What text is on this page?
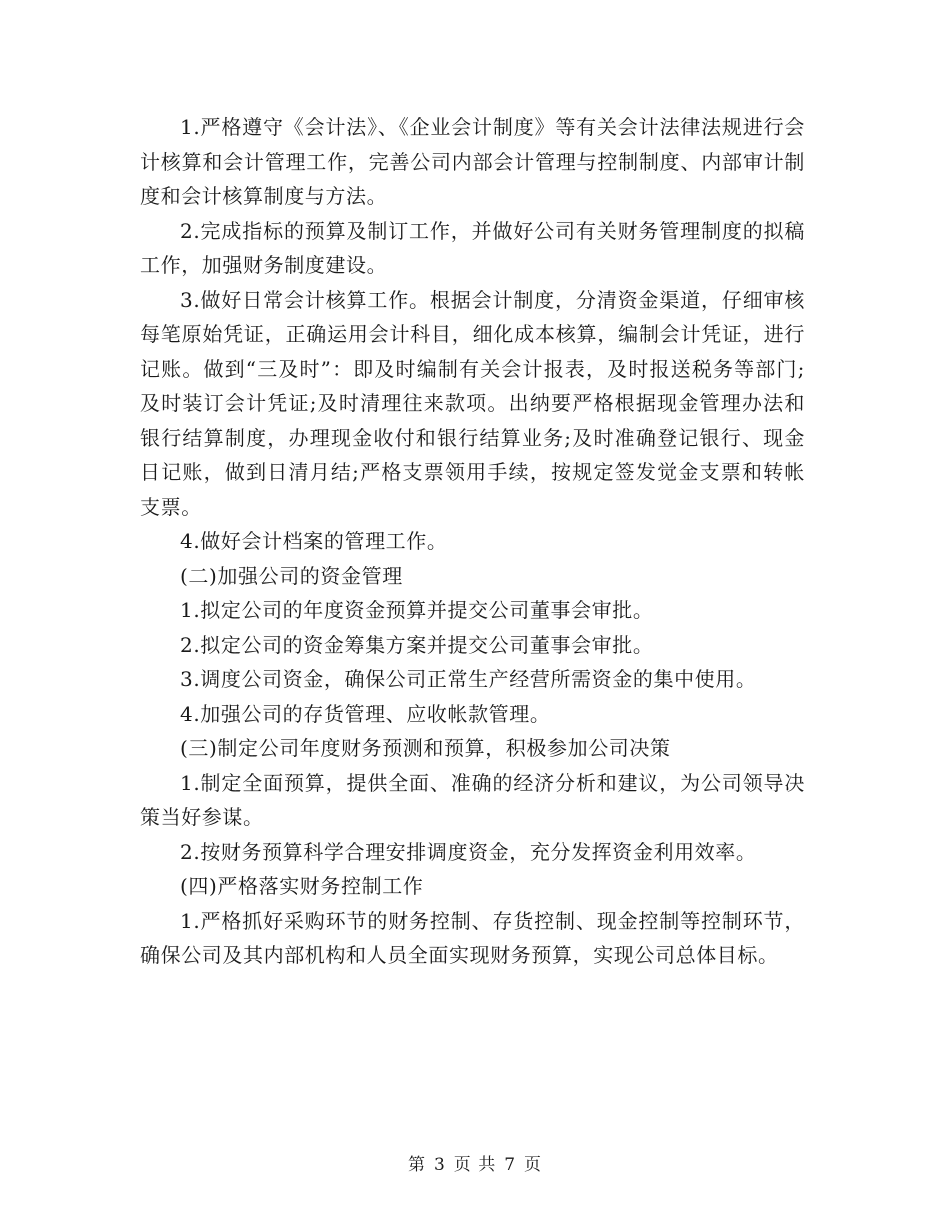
1.严格遵守《会计法》、《企业会计制度》等有关会计法律法规进行会计核算和会计管理工作，完善公司内部会计管理与控制制度、内部审计制度和会计核算制度与方法。

2.完成指标的预算及制订工作，并做好公司有关财务管理制度的拟稿工作，加强财务制度建设。

3.做好日常会计核算工作。根据会计制度，分清资金渠道，仔细审核每笔原始凭证，正确运用会计科目，细化成本核算，编制会计凭证，进行记账。做到“三及时”：即及时编制有关会计报表，及时报送税务等部门;及时装订会计凭证;及时清理往来款项。出纳要严格根据现金管理办法和银行结算制度，办理现金收付和银行结算业务;及时准确登记银行、现金日记账，做到日清月结;严格支票领用手续，按规定签发觉金支票和转帐支票。

4.做好会计档案的管理工作。

(二)加强公司的资金管理

1.拟定公司的年度资金预算并提交公司董事会审批。

2.拟定公司的资金筹集方案并提交公司董事会审批。

3.调度公司资金，确保公司正常生产经营所需资金的集中使用。

4.加强公司的存货管理、应收帐款管理。

(三)制定公司年度财务预测和预算，积极参加公司决策

1.制定全面预算，提供全面、准确的经济分析和建议，为公司领导决策当好参谋。

2.按财务预算科学合理安排调度资金，充分发挥资金利用效率。

(四)严格落实财务控制工作

1.严格抓好采购环节的财务控制、存货控制、现金控制等控制环节，确保公司及其内部机构和人员全面实现财务预算，实现公司总体目标。

第 3 页 共 7 页
